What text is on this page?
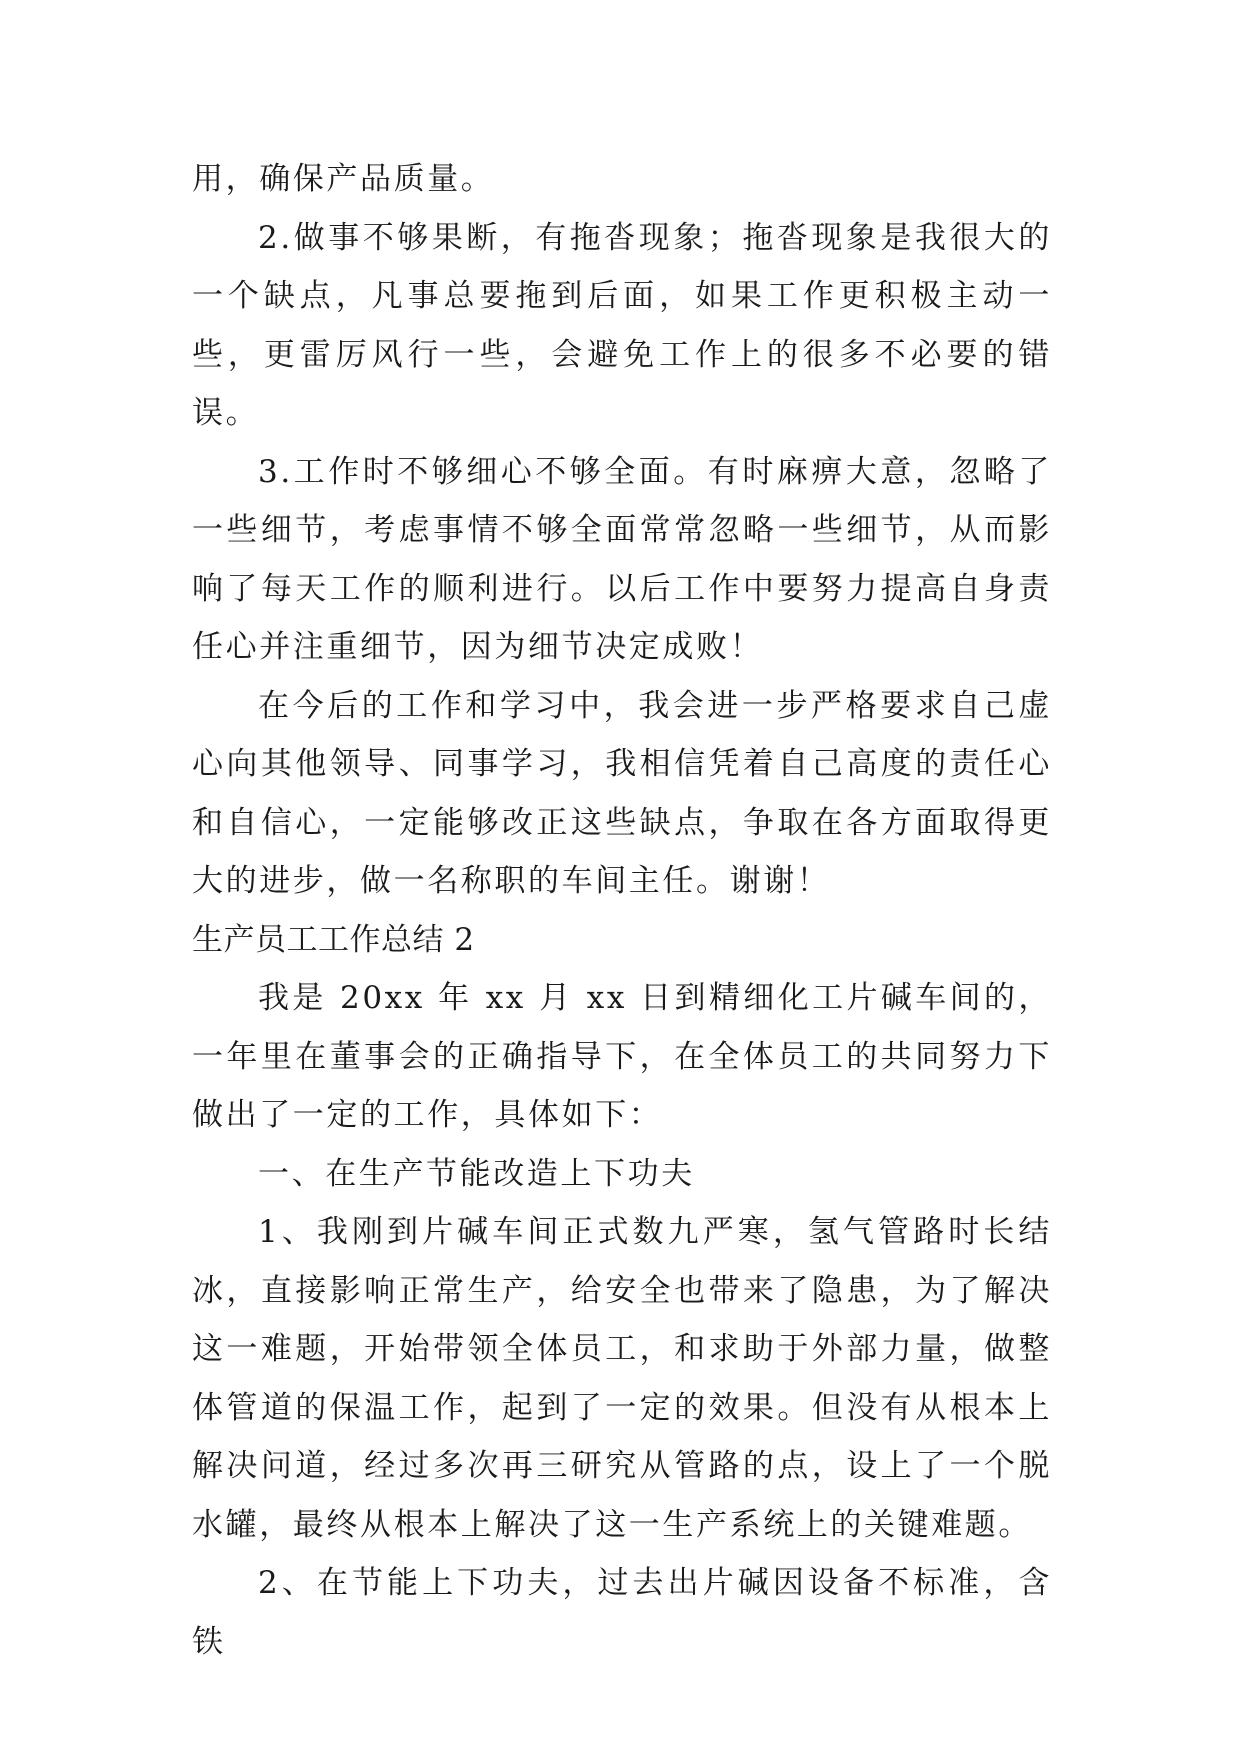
用，确保产品质量。

2.做事不够果断，有拖沓现象；拖沓现象是我很大的一个缺点，凡事总要拖到后面，如果工作更积极主动一些，更雷厉风行一些，会避免工作上的很多不必要的错误。

3.工作时不够细心不够全面。有时麻痹大意，忽略了一些细节，考虑事情不够全面常常忽略一些细节，从而影响了每天工作的顺利进行。以后工作中要努力提高自身责任心并注重细节，因为细节决定成败！

在今后的工作和学习中，我会进一步严格要求自己虚心向其他领导、同事学习，我相信凭着自己高度的责任心和自信心，一定能够改正这些缺点，争取在各方面取得更大的进步，做一名称职的车间主任。谢谢！

生产员工工作总结 2

我是 20xx 年 xx 月 xx 日到精细化工片碱车间的，一年里在董事会的正确指导下，在全体员工的共同努力下做出了一定的工作，具体如下：

一、在生产节能改造上下功夫

1、我刚到片碱车间正式数九严寒，氢气管路时长结冰，直接影响正常生产，给安全也带来了隐患，为了解决这一难题，开始带领全体员工，和求助于外部力量，做整体管道的保温工作，起到了一定的效果。但没有从根本上解决问道，经过多次再三研究从管路的点，设上了一个脱水罐，最终从根本上解决了这一生产系统上的关键难题。

2、在节能上下功夫，过去出片碱因设备不标准，含铁
